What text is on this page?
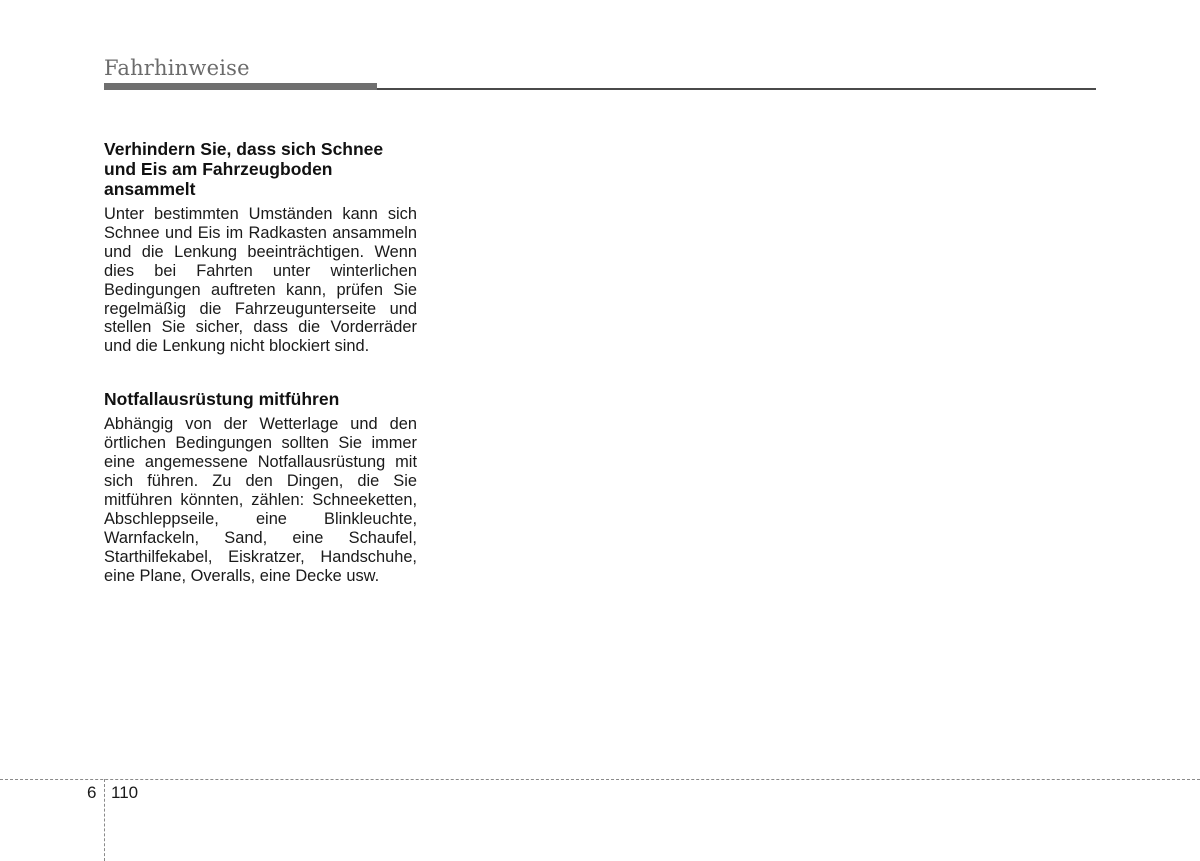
Fahrhinweise
Verhindern Sie, dass sich Schnee und Eis am Fahrzeugboden ansammelt

Unter bestimmten Umständen kann sich Schnee und Eis im Radkasten ansammeln und die Lenkung beeinträchtigen. Wenn dies bei Fahrten unter winterlichen Bedingungen auftreten kann, prüfen Sie regelmäßig die Fahrzeugunterseite und stellen Sie sicher, dass die Vorderräder und die Lenkung nicht blockiert sind.

Notfallausrüstung mitführen

Abhängig von der Wetterlage und den örtlichen Bedingungen sollten Sie immer eine angemessene Notfallausrüstung mit sich führen. Zu den Dingen, die Sie mitführen könnten, zählen: Schneeketten, Abschleppseile, eine Blinkleuchte, Warnfackeln, Sand, eine Schaufel, Starthilfekabel, Eiskratzer, Handschuhe, eine Plane, Overalls, eine Decke usw.

6 110
